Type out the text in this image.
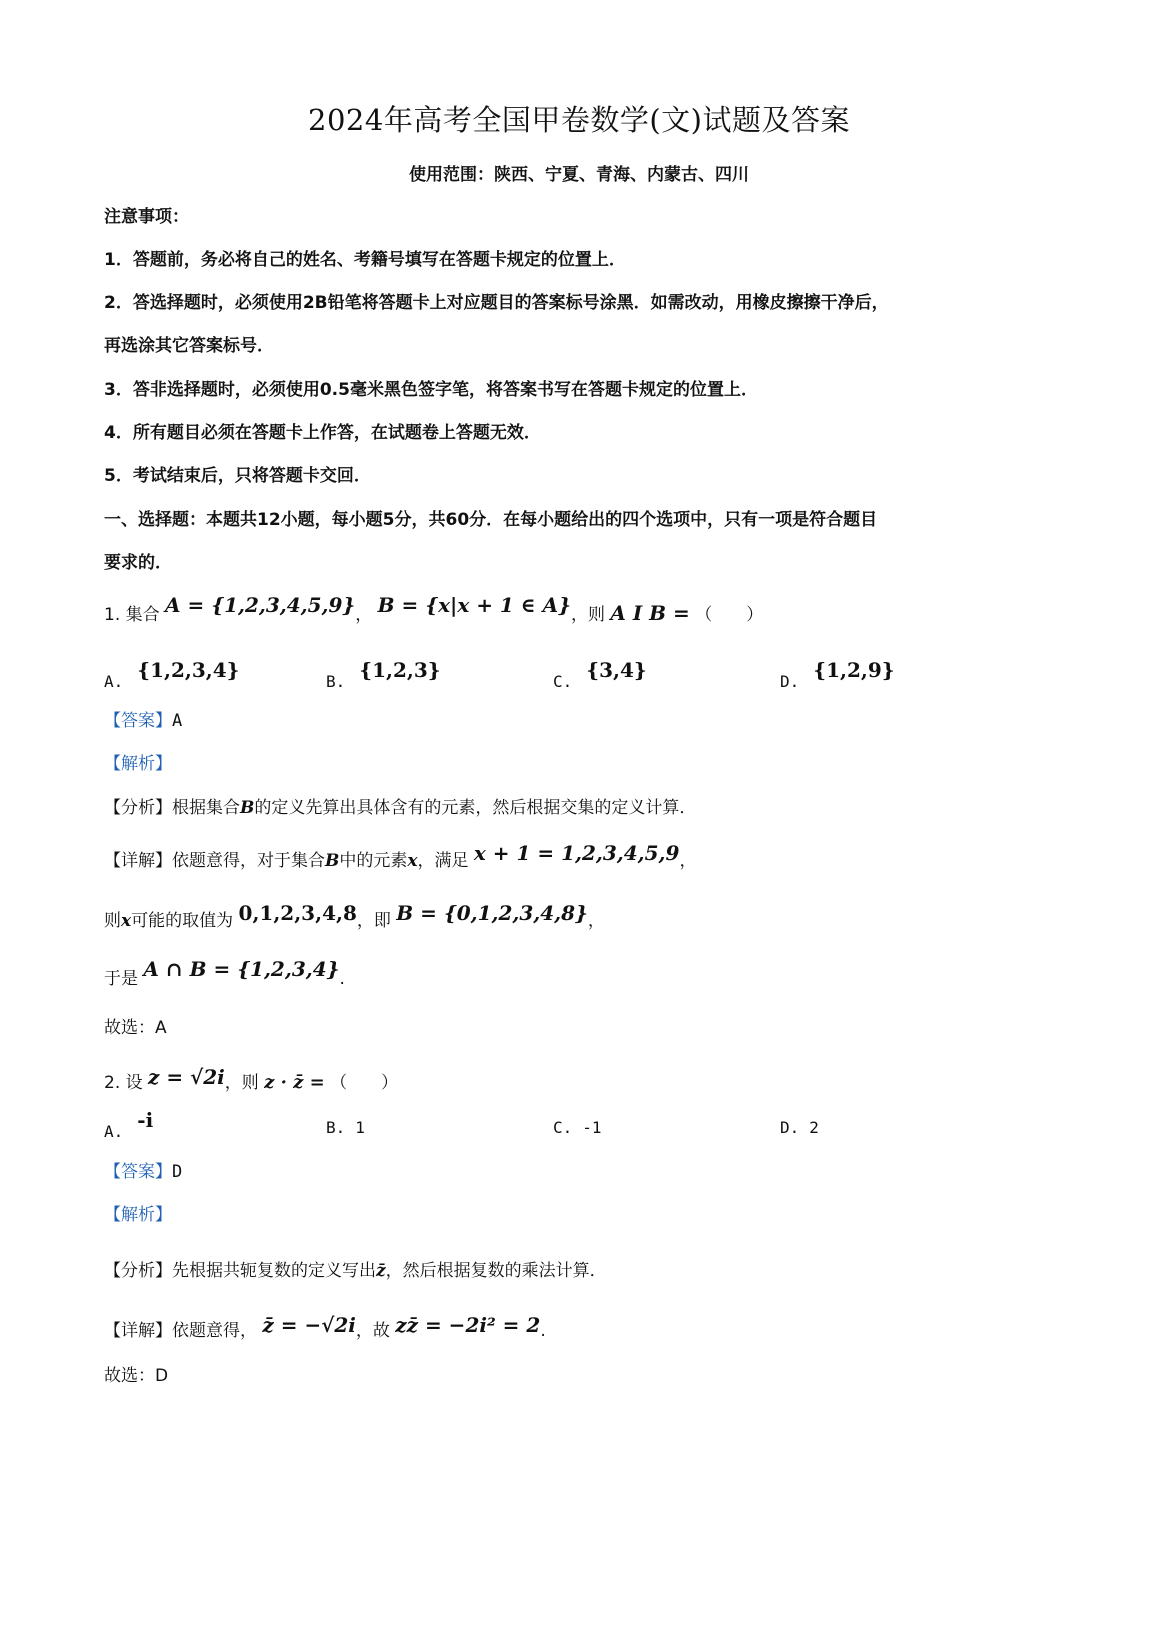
2024年高考全国甲卷数学(文)试题及答案
使用范围：陕西、宁夏、青海、内蒙古、四川
注意事项：
1．答题前，务必将自己的姓名、考籍号填写在答题卡规定的位置上．
2．答选择题时，必须使用2B铅笔将答题卡上对应题目的答案标号涂黑．如需改动，用橡皮擦擦干净后，
再选涂其它答案标号．
3．答非选择题时，必须使用0.5毫米黑色签字笔，将答案书写在答题卡规定的位置上．
4．所有题目必须在答题卡上作答，在试题卷上答题无效．
5．考试结束后，只将答题卡交回．
一、选择题：本题共12小题，每小题5分，共60分．在每小题给出的四个选项中，只有一项是符合题目
要求的．
1. 集合 A = {1,2,3,4,5,9}， B = {x|x + 1 ∈ A}，则 A I B = （　　）
A. {1,2,3,4}	B. {1,2,3}	C. {3,4}	D. {1,2,9}
【答案】A
【解析】
【分析】根据集合B的定义先算出具体含有的元素，然后根据交集的定义计算．
【详解】依题意得，对于集合B中的元素x，满足 x + 1 = 1,2,3,4,5,9，
则x可能的取值为 0,1,2,3,4,8，即 B = {0,1,2,3,4,8}，
于是 A ∩ B = {1,2,3,4}.
故选：A
2. 设 z = √2i，则 z · z̄ = （　　）
A. -i	B. 1	C. -1	D. 2
【答案】D
【解析】
【分析】先根据共轭复数的定义写出z̄，然后根据复数的乘法计算．
【详解】依题意得， z̄ = −√2i，故 zz̄ = −2i² = 2.
故选：D
